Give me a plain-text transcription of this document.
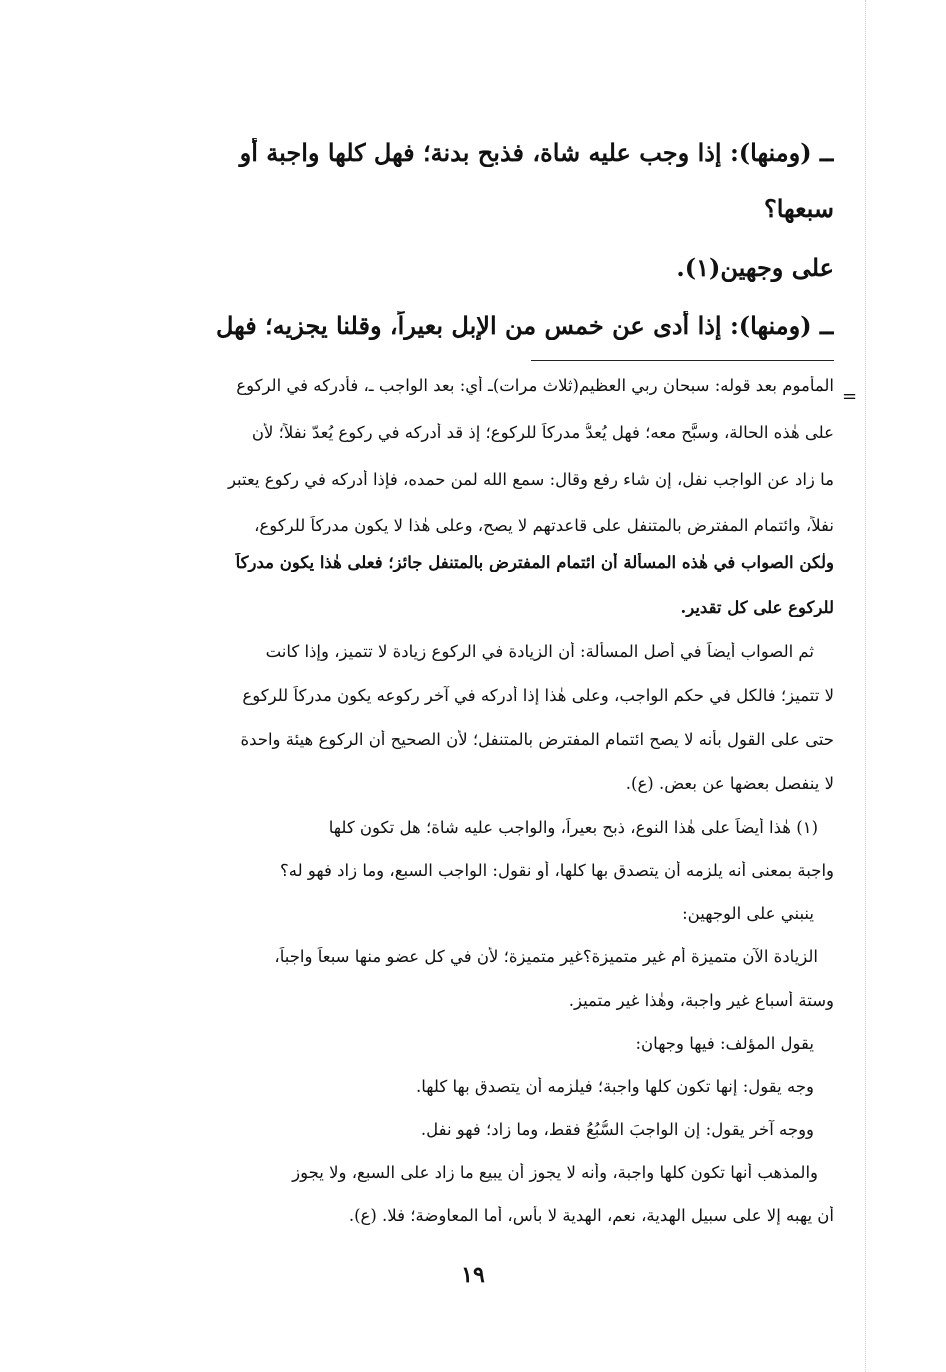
ــ (ومنها): إذا وجب عليه شاة، فذبح بدنة؛ فهل كلها واجبة أو
سبعها؟
على وجهين(١).
ــ (ومنها): إذا أدى عن خمس من الإبل بعيراً، وقلنا يجزيه؛ فهل
=
المأموم بعد قوله: سبحان ربي العظيم(ثلاث مرات)ـ أي: بعد الواجب ـ، فأدركه في الركوع
على هٰذه الحالة، وسبَّح معه؛ فهل يُعدُّ مدركاً للركوع؛ إذ قد أدركه في ركوع يُعدّ نفلاً؛ لأن
ما زاد عن الواجب نفل، إن شاء رفع وقال: سمع الله لمن حمده، فإذا أدركه في ركوع يعتبر
نفلاً، وائتمام المفترض بالمتنفل على قاعدتهم لا يصح، وعلى هٰذا لا يكون مدركاً للركوع،
ولٰكن الصواب في هٰذه المسألة أن ائتمام المفترض بالمتنفل جائز؛ فعلى هٰذا يكون مدركاً
للركوع على كل تقدير.
ثم الصواب أيضاً في أصل المسألة: أن الزيادة في الركوع زيادة لا تتميز، وإذا كانت
لا تتميز؛ فالكل في حكم الواجب، وعلى هٰذا إذا أدركه في آخر ركوعه يكون مدركاً للركوع
حتى على القول بأنه لا يصح ائتمام المفترض بالمتنفل؛ لأن الصحيح أن الركوع هيئة واحدة
لا ينفصل بعضها عن بعض. (ع).
(١) هٰذا أيضاً على هٰذا النوع، ذبح بعيراً، والواجب عليه شاة؛ هل تكون كلها
واجبة بمعنى أنه يلزمه أن يتصدق بها كلها، أو نقول: الواجب السبع، وما زاد فهو له؟
ينبني على الوجهين:
الزيادة الآن متميزة أم غير متميزة؟غير متميزة؛ لأن في كل عضو منها سبعاً واجباً،
وستة أسباع غير واجبة، وهٰذا غير متميز.
يقول المؤلف: فيها وجهان:
وجه يقول: إنها تكون كلها واجبة؛ فيلزمه أن يتصدق بها كلها.
ووجه آخر يقول: إن الواجبَ السُّبُعُ فقط، وما زاد؛ فهو نفل.
والمذهب أنها تكون كلها واجبة، وأنه لا يجوز أن يبيع ما زاد على السبع، ولا يجوز
أن يهبه إلا على سبيل الهدية، نعم، الهدية لا بأس، أما المعاوضة؛ فلا. (ع).
١٩
